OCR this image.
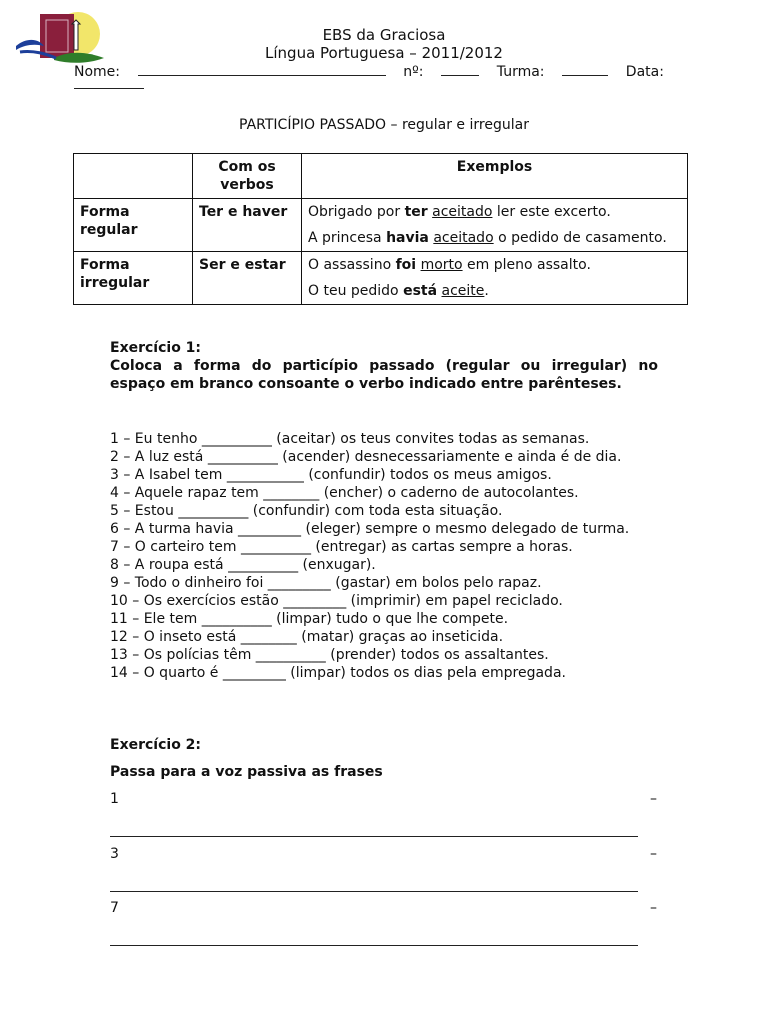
EBS da Graciosa
Língua Portuguesa – 2011/2012
Nome:	nº:	Turma:	Data:
PARTICÍPIO PASSADO – regular e irregular
	Com os verbos	Exemplos
Forma regular	Ter e haver	Obrigado por ter aceitado ler este excerto.

A princesa havia aceitado o pedido de casamento.

Forma irregular	Ser e estar	O assassino foi morto em pleno assalto.

O teu pedido está aceite.

Exercício 1:
Coloca a forma do particípio passado (regular ou irregular) no espaço em branco consoante o verbo indicado entre parênteses.
1 – Eu tenho __________ (aceitar) os teus convites todas as semanas.
2 – A luz está __________ (acender) desnecessariamente e ainda é de dia.
3 – A Isabel tem ___________ (confundir) todos os meus amigos.
4 – Aquele rapaz tem ________ (encher) o caderno de autocolantes.
5 – Estou __________ (confundir) com toda esta situação.
6 – A turma havia _________ (eleger) sempre o mesmo delegado de turma.
7 – O carteiro tem __________ (entregar) as cartas sempre a horas.
8 – A roupa está __________ (enxugar).
9 – Todo o dinheiro foi _________ (gastar) em bolos pelo rapaz.
10 – Os exercícios estão _________ (imprimir) em papel reciclado.
11 – Ele tem __________ (limpar) tudo o que lhe compete.
12 – O inseto está ________ (matar) graças ao inseticida.
13 – Os polícias têm __________ (prender) todos os assaltantes.
14 – O quarto é _________ (limpar) todos os dias pela empregada.
Exercício 2:
Passa para a voz passiva as frases
1	–
3	–
7	–
